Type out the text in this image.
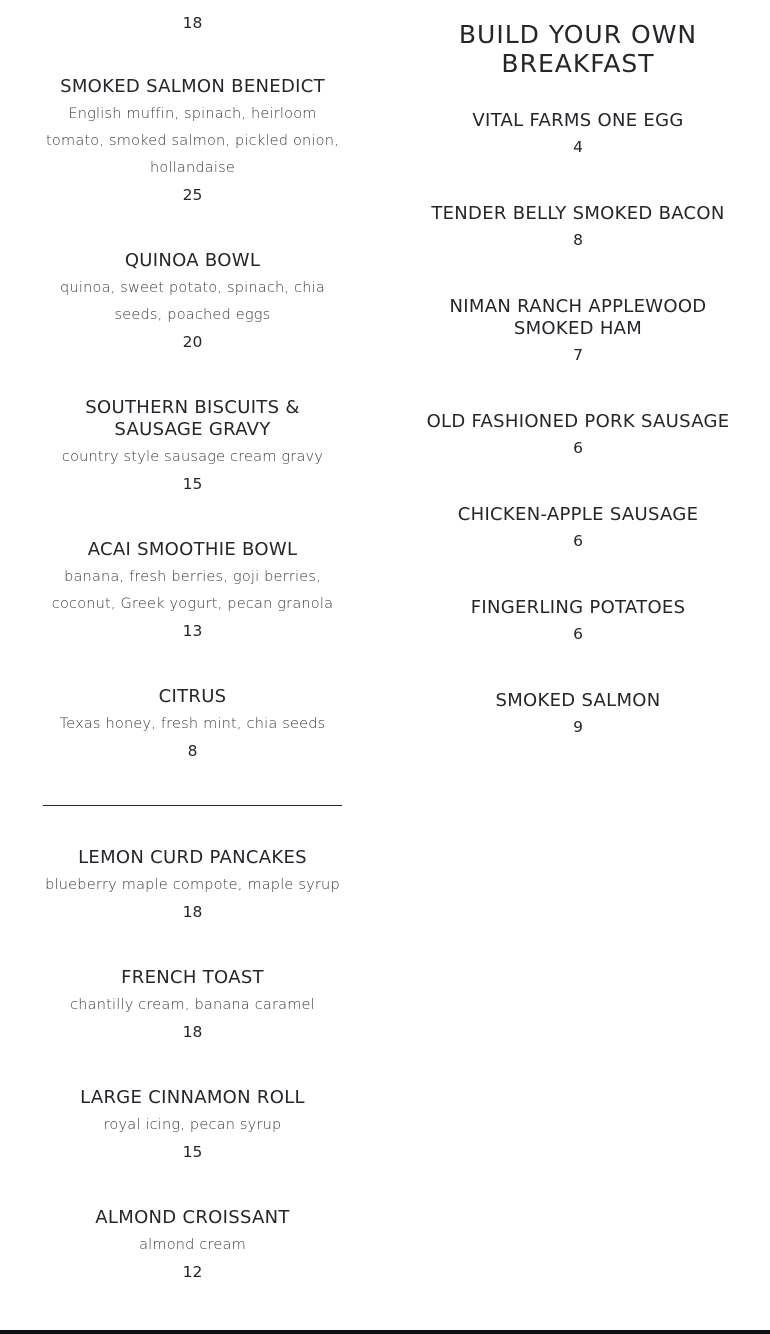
18
SMOKED SALMON BENEDICT
English muffin, spinach, heirloom tomato, smoked salmon, pickled onion, hollandaise
25
QUINOA BOWL
quinoa, sweet potato, spinach, chia seeds, poached eggs
20
SOUTHERN BISCUITS & SAUSAGE GRAVY
country style sausage cream gravy
15
ACAI SMOOTHIE BOWL
banana, fresh berries, goji berries, coconut, Greek yogurt, pecan granola
13
CITRUS
Texas honey, fresh mint, chia seeds
8
LEMON CURD PANCAKES
blueberry maple compote, maple syrup
18
FRENCH TOAST
chantilly cream, banana caramel
18
LARGE CINNAMON ROLL
royal icing, pecan syrup
15
ALMOND CROISSANT
almond cream
12
BUILD YOUR OWN BREAKFAST
VITAL FARMS ONE EGG
4
TENDER BELLY SMOKED BACON
8
NIMAN RANCH APPLEWOOD SMOKED HAM
7
OLD FASHIONED PORK SAUSAGE
6
CHICKEN-APPLE SAUSAGE
6
FINGERLING POTATOES
6
SMOKED SALMON
9
